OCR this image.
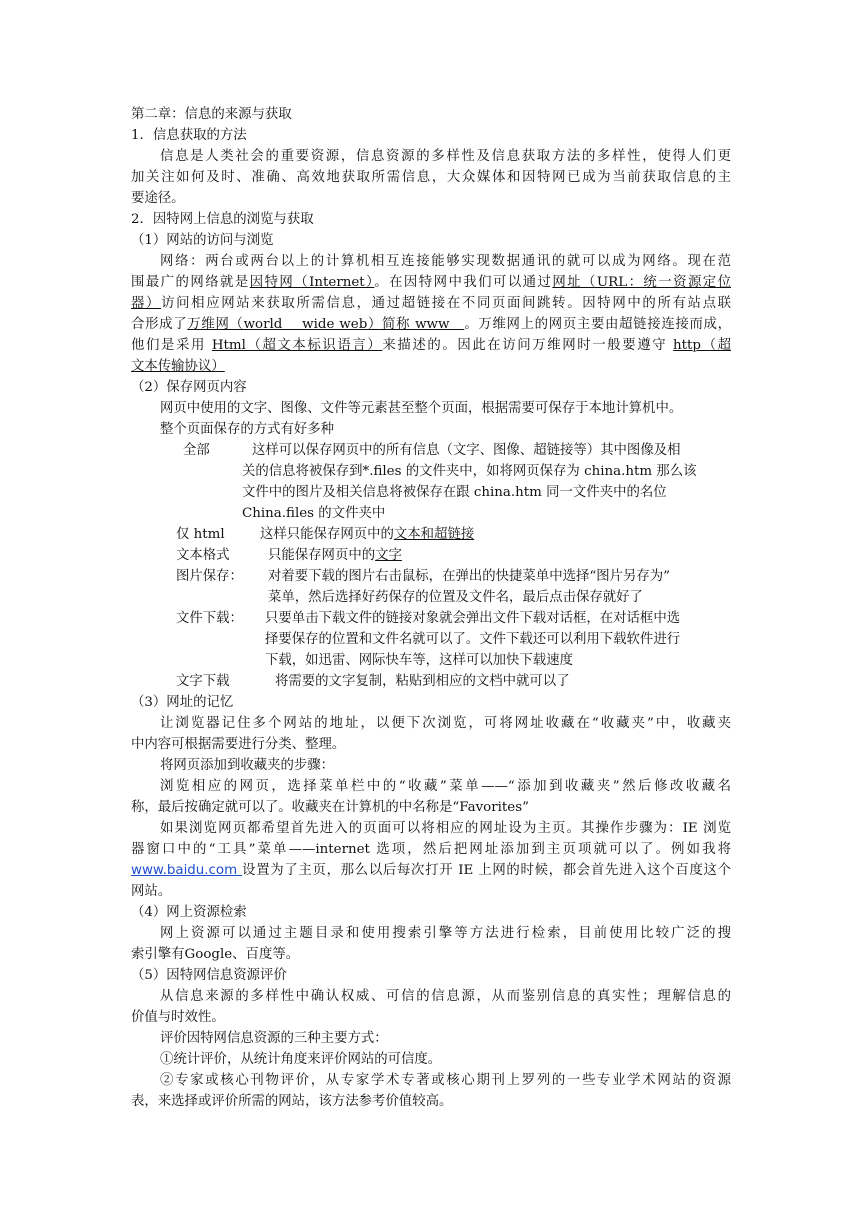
第二章：信息的来源与获取
1．信息获取的方法
信息是人类社会的重要资源，信息资源的多样性及信息获取方法的多样性，使得人们更
加关注如何及时、准确、高效地获取所需信息，大众媒体和因特网已成为当前获取信息的主
要途径。
2．因特网上信息的浏览与获取
（1）网站的访问与浏览
网络：两台或两台以上的计算机相互连接能够实现数据通讯的就可以成为网络。现在范
围最广的网络就是因特网（Internet）。在因特网中我们可以通过网址（URL：统一资源定位
器）访问相应网站来获取所需信息，通过超链接在不同页面间跳转。因特网中的所有站点联
合形成了万维网（world    wide web）简称 www   。万维网上的网页主要由超链接连接而成，
他们是采用 Html（超文本标识语言）来描述的。因此在访问万维网时一般要遵守 http（超
文本传输协议）
（2）保存网页内容
网页中使用的文字、图像、文件等元素甚至整个页面，根据需要可保存于本地计算机中。
整个页面保存的方式有好多种
全部	这样可以保存网页中的所有信息（文字、图像、超链接等）其中图像及相
关的信息将被保存到*.files 的文件夹中，如将网页保存为 china.htm 那么该
文件中的图片及相关信息将被保存在跟 china.htm 同一文件夹中的名位
China.files 的文件夹中
仅 html	这样只能保存网页中的 文本和超链接
文本格式	只能保存网页中的 文字
图片保存：	对着要下载的图片右击鼠标，在弹出的快捷菜单中选择“图片另存为”
菜单，然后选择好药保存的位置及文件名，最后点击保存就好了
文件下载：	只要单击下载文件的链接对象就会弹出文件下载对话框，在对话框中选
择要保存的位置和文件名就可以了。文件下载还可以利用下载软件进行
下载，如迅雷、网际快车等，这样可以加快下载速度
文字下载	将需要的文字复制，粘贴到相应的文档中就可以了
（3）网址的记忆
让浏览器记住多个网站的地址，以便下次浏览，可将网址收藏在“收藏夹”中，收藏夹
中内容可根据需要进行分类、整理。
将网页添加到收藏夹的步骤：
浏览相应的网页，选择菜单栏中的“收藏”菜单——“添加到收藏夹”然后修改收藏名
称，最后按确定就可以了。收藏夹在计算机的中名称是“Favorites”
如果浏览网页都希望首先进入的页面可以将相应的网址设为主页。其操作步骤为：IE 浏览
器窗口中的“工具”菜单——internet 选项，然后把网址添加到主页项就可以了。例如我将
www.baidu.com 设置为了主页，那么以后每次打开 IE 上网的时候，都会首先进入这个百度这个
网站。
（4）网上资源检索
网上资源可以通过主题目录和使用搜索引擎等方法进行检索，目前使用比较广泛的搜
索引擎有Google、百度等。
（5）因特网信息资源评价
从信息来源的多样性中确认权威、可信的信息源，从而鉴别信息的真实性；理解信息的
价值与时效性。
评价因特网信息资源的三种主要方式：
①统计评价，从统计角度来评价网站的可信度。
②专家或核心刊物评价，从专家学术专著或核心期刊上罗列的一些专业学术网站的资源
表，来选择或评价所需的网站，该方法参考价值较高。
